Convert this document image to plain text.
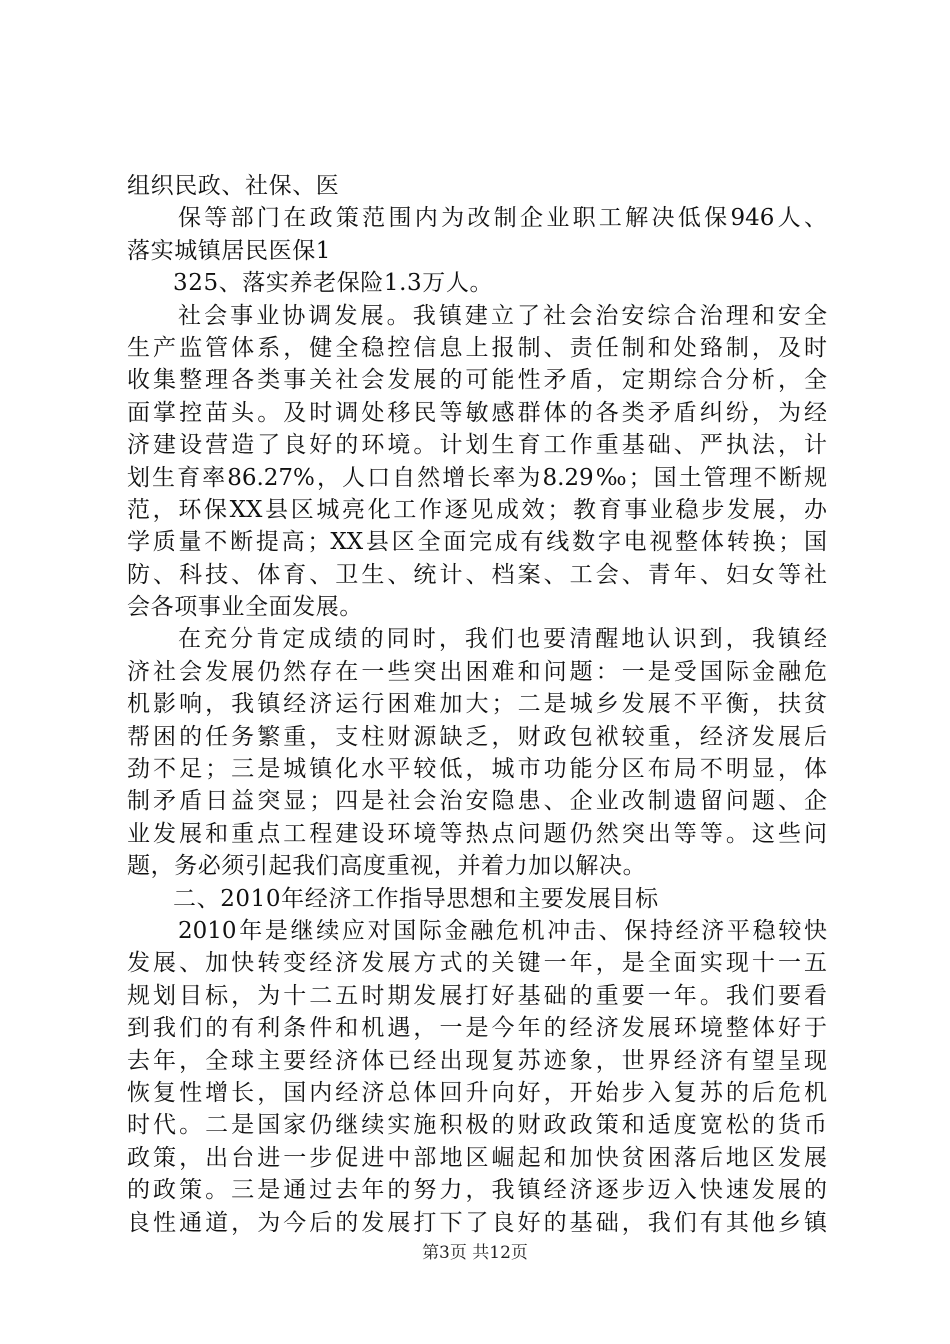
组织民政、社保、医
保等部门在政策范围内为改制企业职工解决低保946人、
落实城镇居民医保1
325、落实养老保险1.3万人。
社会事业协调发展。我镇建立了社会治安综合治理和安全
生产监管体系，健全稳控信息上报制、责任制和处臵制，及时
收集整理各类事关社会发展的可能性矛盾，定期综合分析，全
面掌控苗头。及时调处移民等敏感群体的各类矛盾纠纷，为经
济建设营造了良好的环境。计划生育工作重基础、严执法，计
划生育率86.27%，人口自然增长率为8.29‰；国土管理不断规
范，环保XX县区城亮化工作逐见成效；教育事业稳步发展，办
学质量不断提高；XX县区全面完成有线数字电视整体转换；国
防、科技、体育、卫生、统计、档案、工会、青年、妇女等社
会各项事业全面发展。
在充分肯定成绩的同时，我们也要清醒地认识到，我镇经
济社会发展仍然存在一些突出困难和问题：一是受国际金融危
机影响，我镇经济运行困难加大；二是城乡发展不平衡，扶贫
帮困的任务繁重，支柱财源缺乏，财政包袱较重，经济发展后
劲不足；三是城镇化水平较低，城市功能分区布局不明显，体
制矛盾日益突显；四是社会治安隐患、企业改制遗留问题、企
业发展和重点工程建设环境等热点问题仍然突出等等。这些问
题，务必须引起我们高度重视，并着力加以解决。
二、2010年经济工作指导思想和主要发展目标
2010年是继续应对国际金融危机冲击、保持经济平稳较快
发展、加快转变经济发展方式的关键一年，是全面实现十一五
规划目标，为十二五时期发展打好基础的重要一年。我们要看
到我们的有利条件和机遇，一是今年的经济发展环境整体好于
去年，全球主要经济体已经出现复苏迹象，世界经济有望呈现
恢复性增长，国内经济总体回升向好，开始步入复苏的后危机
时代。二是国家仍继续实施积极的财政政策和适度宽松的货币
政策，出台进一步促进中部地区崛起和加快贫困落后地区发展
的政策。三是通过去年的努力，我镇经济逐步迈入快速发展的
良性通道，为今后的发展打下了良好的基础，我们有其他乡镇
第3页 共12页
